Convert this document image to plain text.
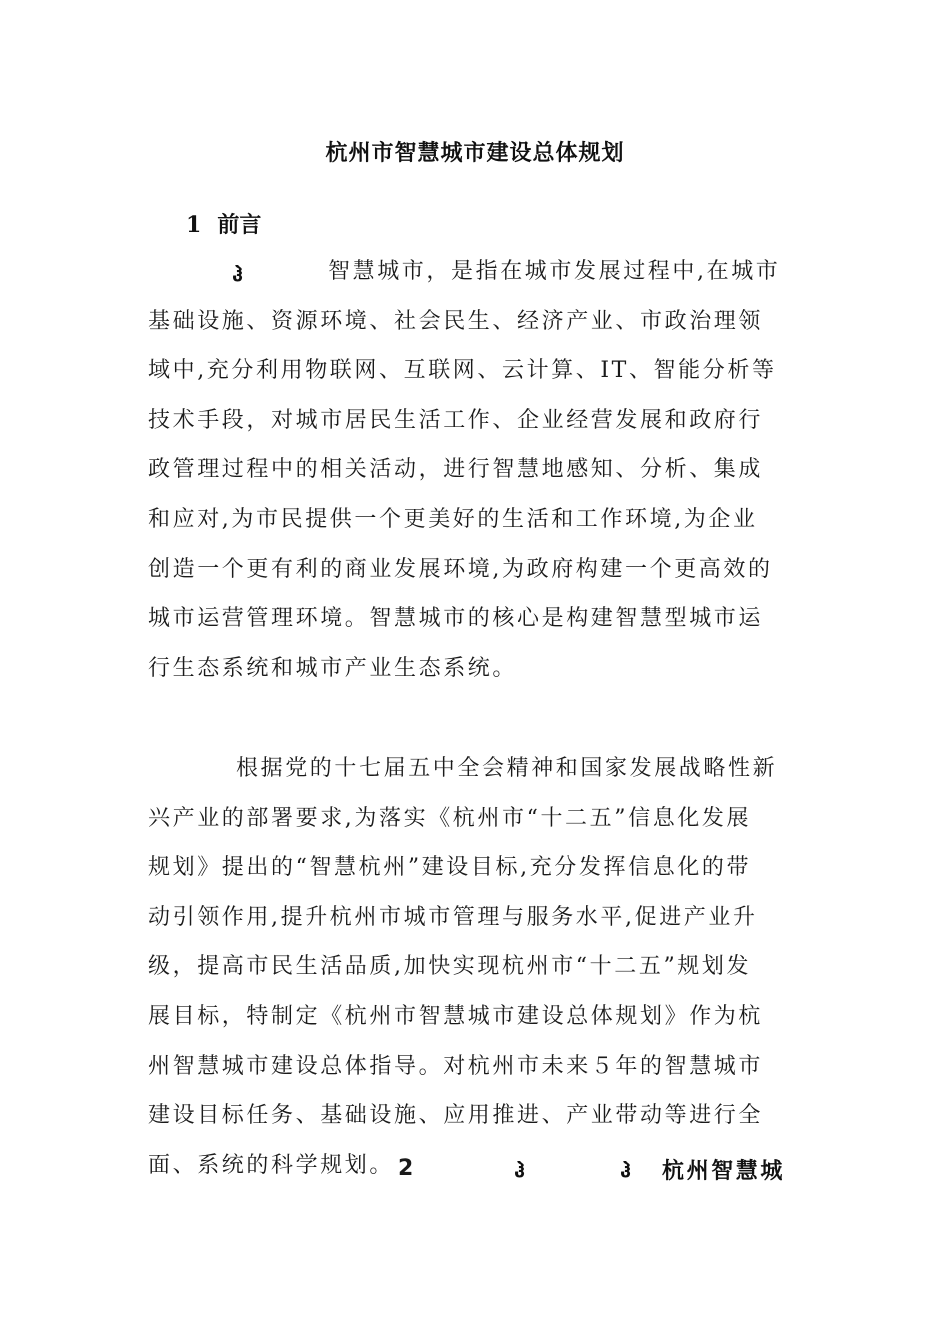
杭州市智慧城市建设总体规划
1 前言
ჰ	智慧城市，是指在城市发展过程中,在城市
基础设施、资源环境、社会民生、经济产业、市政治理领
域中,充分利用物联网、互联网、云计算、IT、智能分析等
技术手段，对城市居民生活工作、企业经营发展和政府行
政管理过程中的相关活动，进行智慧地感知、分析、集成
和应对,为市民提供一个更美好的生活和工作环境,为企业
创造一个更有利的商业发展环境,为政府构建一个更高效的
城市运营管理环境。智慧城市的核心是构建智慧型城市运
行生态系统和城市产业生态系统。
根据党的十七届五中全会精神和国家发展战略性新
兴产业的部署要求,为落实《杭州市“十二五”信息化发展
规划》提出的“智慧杭州”建设目标,充分发挥信息化的带
动引领作用,提升杭州市城市管理与服务水平,促进产业升
级，提高市民生活品质,加快实现杭州市“十二五”规划发
展目标，特制定《杭州市智慧城市建设总体规划》作为杭
州智慧城市建设总体指导。对杭州市未来５年的智慧城市
建设目标任务、基础设施、应用推进、产业带动等进行全
面、系统的科学规划。 2	ჰ	ჰ 杭州智慧城
